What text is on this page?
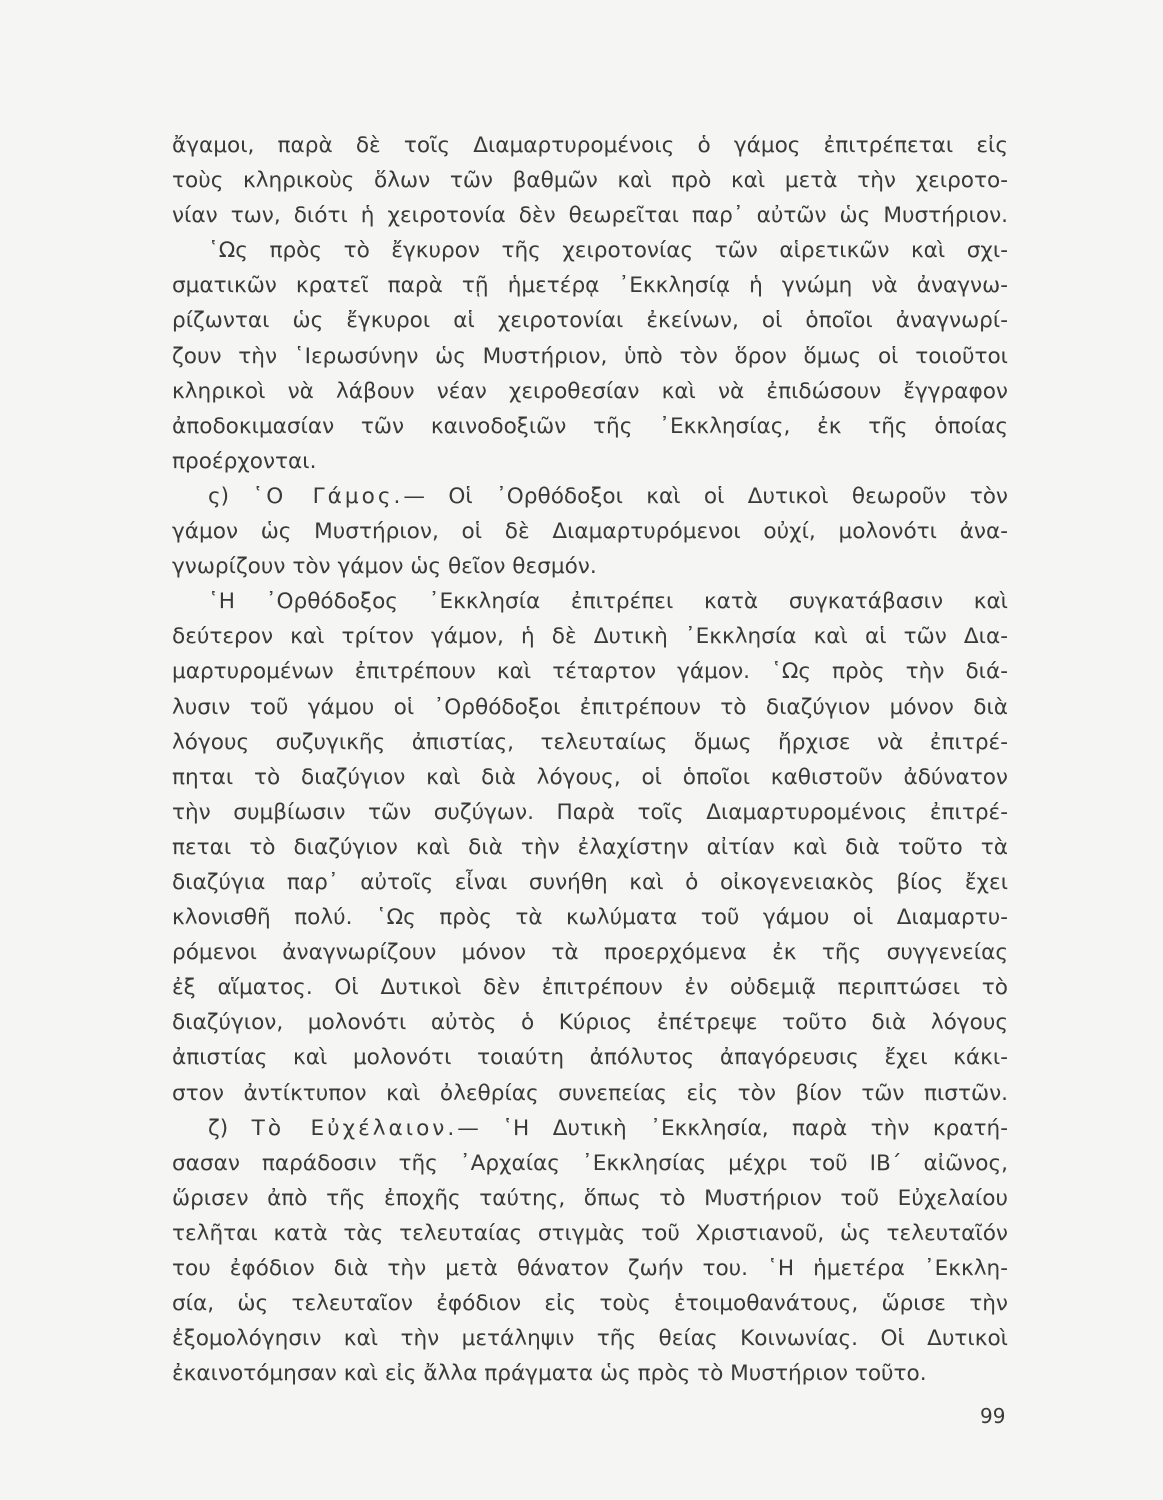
ἄγαμοι, παρὰ δὲ τοῖς Διαμαρτυρομένοις ὁ γάμος ἐπιτρέπεται εἰς
τοὺς κληρικοὺς ὅλων τῶν βαθμῶν καὶ πρὸ καὶ μετὰ τὴν χειροτο-
νίαν των, διότι ἡ χειροτονία δὲν θεωρεῖται παρ᾽ αὐτῶν ὡς Μυστήριον.
῾Ως πρὸς τὸ ἔγκυρον τῆς χειροτονίας τῶν αἱρετικῶν καὶ σχι-
σματικῶν κρατεῖ παρὰ τῇ ἡμετέρᾳ ᾽Εκκλησίᾳ ἡ γνώμη νὰ ἀναγνω-
ρίζωνται ὡς ἔγκυροι αἱ χειροτονίαι ἐκείνων, οἱ ὁποῖοι ἀναγνωρί-
ζουν τὴν ῾Ιερωσύνην ὡς Μυστήριον, ὑπὸ τὸν ὅρον ὅμως οἱ τοιοῦτοι
κληρικοὶ νὰ λάβουν νέαν χειροθεσίαν καὶ νὰ ἐπιδώσουν ἔγγραφον
ἀποδοκιμασίαν τῶν καινοδοξιῶν τῆς ᾽Εκκλησίας, ἐκ τῆς ὁποίας
προέρχονται.
ς) ῾Ο Γάμος.— Οἱ ᾽Ορθόδοξοι καὶ οἱ Δυτικοὶ θεωροῦν τὸν
γάμον ὡς Μυστήριον, οἱ δὲ Διαμαρτυρόμενοι οὐχί, μολονότι ἀνα-
γνωρίζουν τὸν γάμον ὡς θεῖον θεσμόν.
῾Η ᾽Ορθόδοξος ᾽Εκκλησία ἐπιτρέπει κατὰ συγκατάβασιν καὶ
δεύτερον καὶ τρίτον γάμον, ἡ δὲ Δυτικὴ ᾽Εκκλησία καὶ αἱ τῶν Δια-
μαρτυρομένων ἐπιτρέπουν καὶ τέταρτον γάμον. ῾Ως πρὸς τὴν διά-
λυσιν τοῦ γάμου οἱ ᾽Ορθόδοξοι ἐπιτρέπουν τὸ διαζύγιον μόνον διὰ
λόγους συζυγικῆς ἀπιστίας, τελευταίως ὅμως ἤρχισε νὰ ἐπιτρέ-
πηται τὸ διαζύγιον καὶ διὰ λόγους, οἱ ὁποῖοι καθιστοῦν ἀδύνατον
τὴν συμβίωσιν τῶν συζύγων. Παρὰ τοῖς Διαμαρτυρομένοις ἐπιτρέ-
πεται τὸ διαζύγιον καὶ διὰ τὴν ἐλαχίστην αἰτίαν καὶ διὰ τοῦτο τὰ
διαζύγια παρ᾽ αὐτοῖς εἶναι συνήθη καὶ ὁ οἰκογενειακὸς βίος ἔχει
κλονισθῆ πολύ. ῾Ως πρὸς τὰ κωλύματα τοῦ γάμου οἱ Διαμαρτυ-
ρόμενοι ἀναγνωρίζουν μόνον τὰ προερχόμενα ἐκ τῆς συγγενείας
ἐξ αἵματος. Οἱ Δυτικοὶ δὲν ἐπιτρέπουν ἐν οὐδεμιᾷ περιπτώσει τὸ
διαζύγιον, μολονότι αὐτὸς ὁ Κύριος ἐπέτρεψε τοῦτο διὰ λόγους
ἀπιστίας καὶ μολονότι τοιαύτη ἀπόλυτος ἀπαγόρευσις ἔχει κάκι-
στον ἀντίκτυπον καὶ ὀλεθρίας συνεπείας εἰς τὸν βίον τῶν πιστῶν.
ζ) Τὸ Εὐχέλαιον.— ῾Η Δυτικὴ ᾽Εκκλησία, παρὰ τὴν κρατή-
σασαν παράδοσιν τῆς ᾽Αρχαίας ᾽Εκκλησίας μέχρι τοῦ ΙΒ΄ αἰῶνος,
ὥρισεν ἀπὸ τῆς ἐποχῆς ταύτης, ὅπως τὸ Μυστήριον τοῦ Εὐχελαίου
τελῆται κατὰ τὰς τελευταίας στιγμὰς τοῦ Χριστιανοῦ, ὡς τελευταῖόν
του ἐφόδιον διὰ τὴν μετὰ θάνατον ζωήν του. ῾Η ἡμετέρα ᾽Εκκλη-
σία, ὡς τελευταῖον ἐφόδιον εἰς τοὺς ἑτοιμοθανάτους, ὥρισε τὴν
ἐξομολόγησιν καὶ τὴν μετάληψιν τῆς θείας Κοινωνίας. Οἱ Δυτικοὶ
ἐκαινοτόμησαν καὶ εἰς ἄλλα πράγματα ὡς πρὸς τὸ Μυστήριον τοῦτο.
99
